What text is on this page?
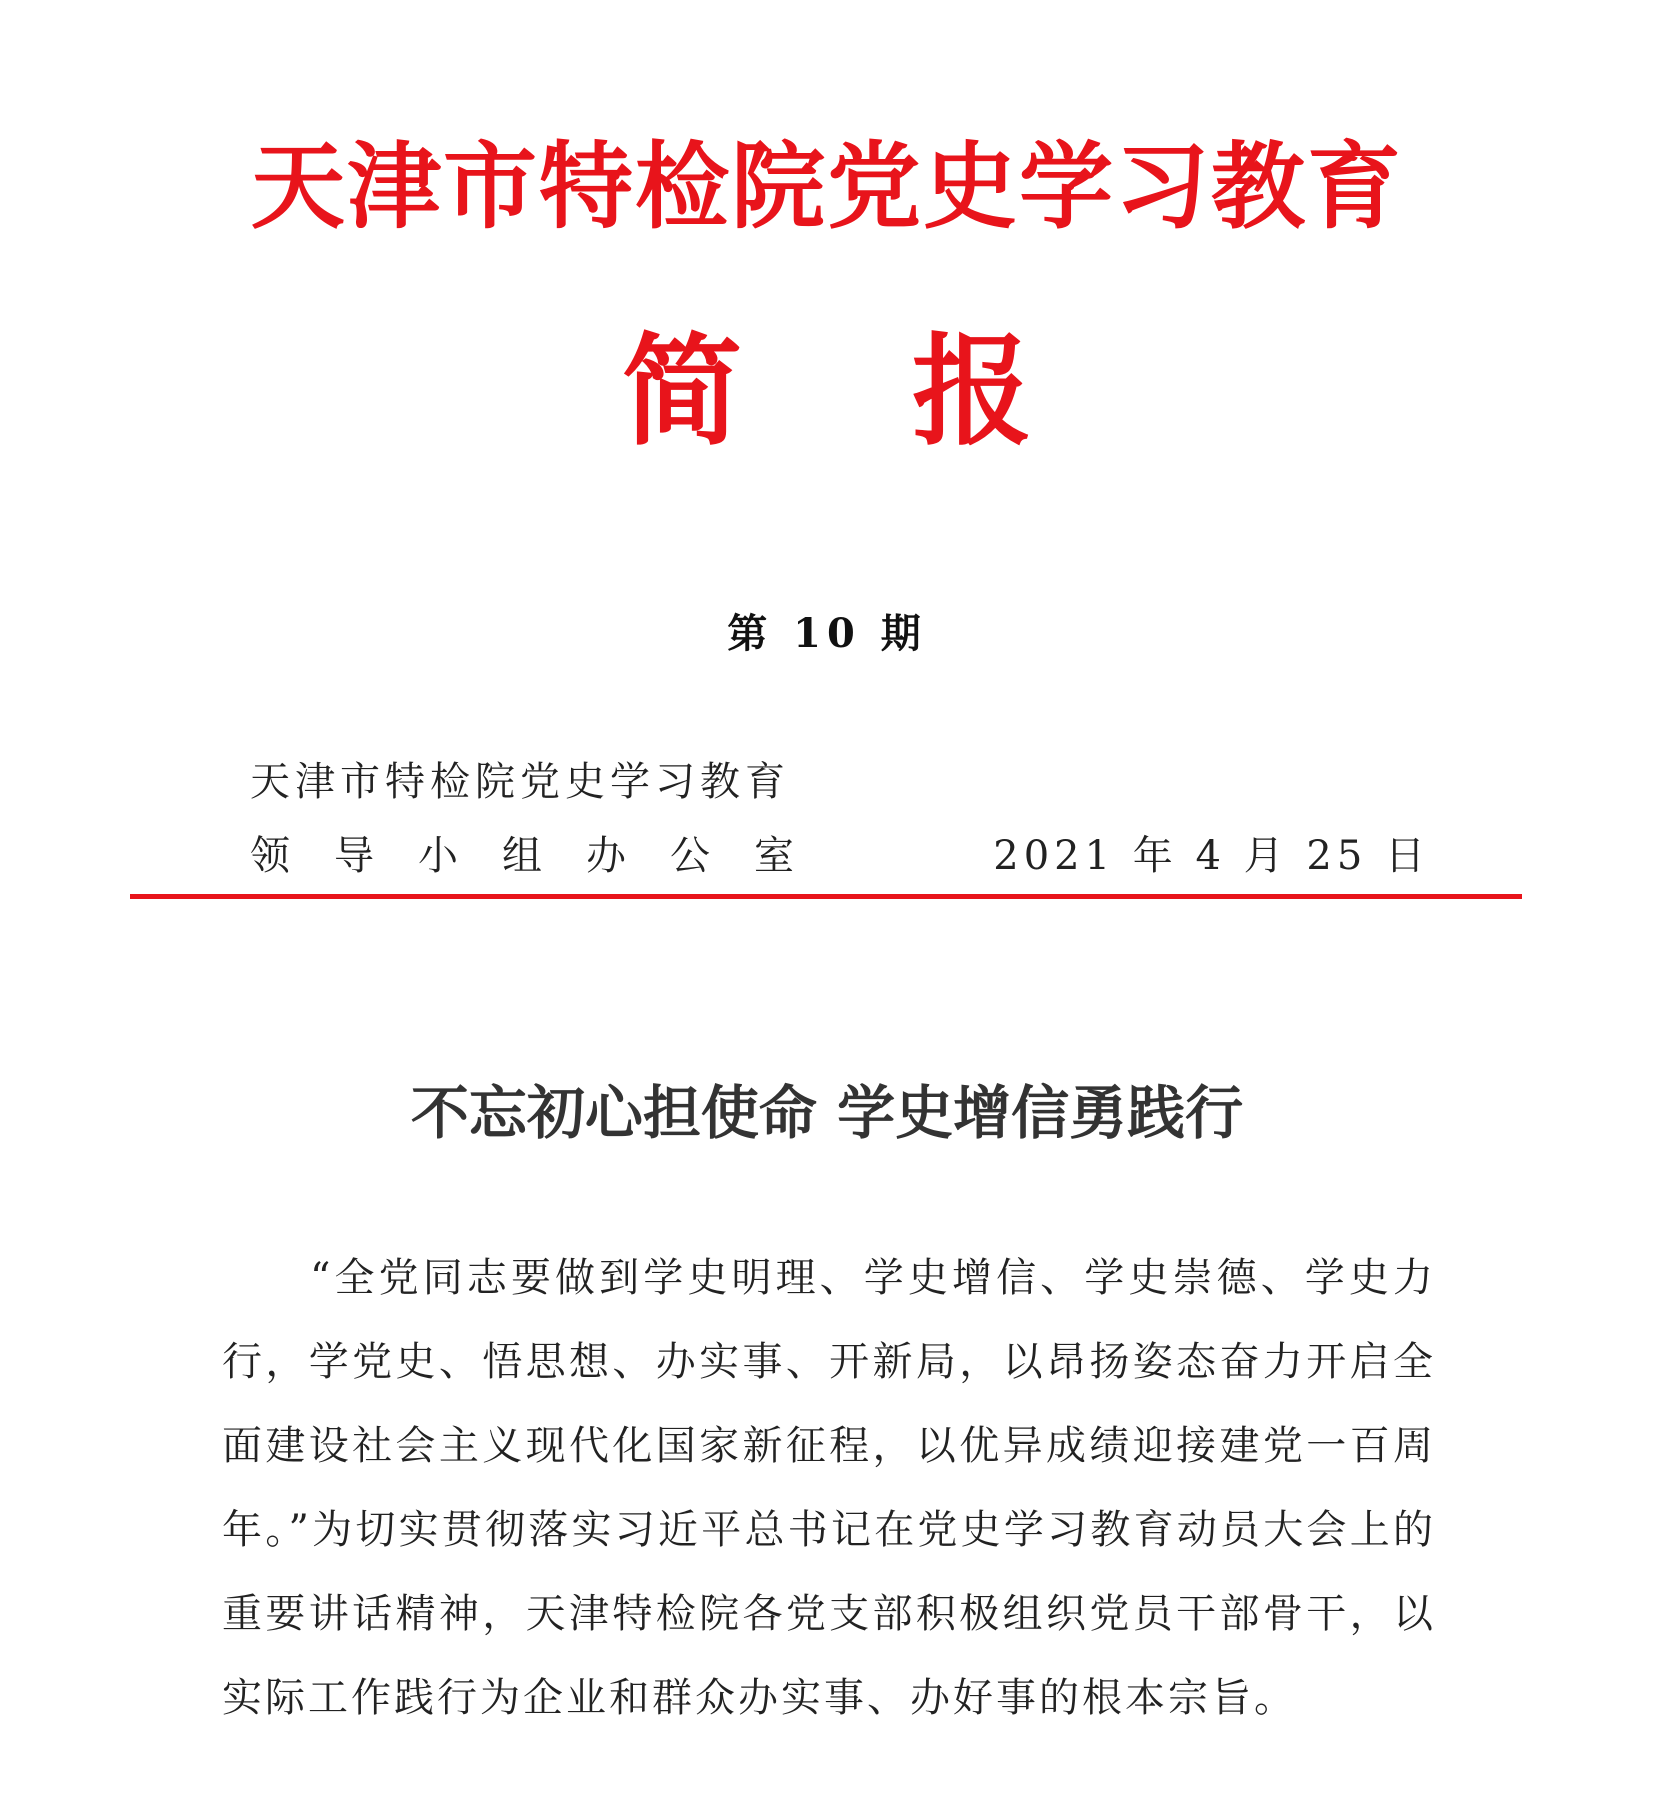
天津市特检院党史学习教育
简 报
第 10 期
天津市特检院党史学习教育
领导小组办公室	2021 年 4 月 25 日
不忘初心担使命 学史增信勇践行

“全党同志要做到学史明理、学史增信、学史崇德、学史力行，学党史、悟思想、办实事、开新局，以昂扬姿态奋力开启全面建设社会主义现代化国家新征程，以优异成绩迎接建党一百周年。”为切实贯彻落实习近平总书记在党史学习教育动员大会上的重要讲话精神，天津特检院各党支部积极组织党员干部骨干，以实际工作践行为企业和群众办实事、办好事的根本宗旨。
